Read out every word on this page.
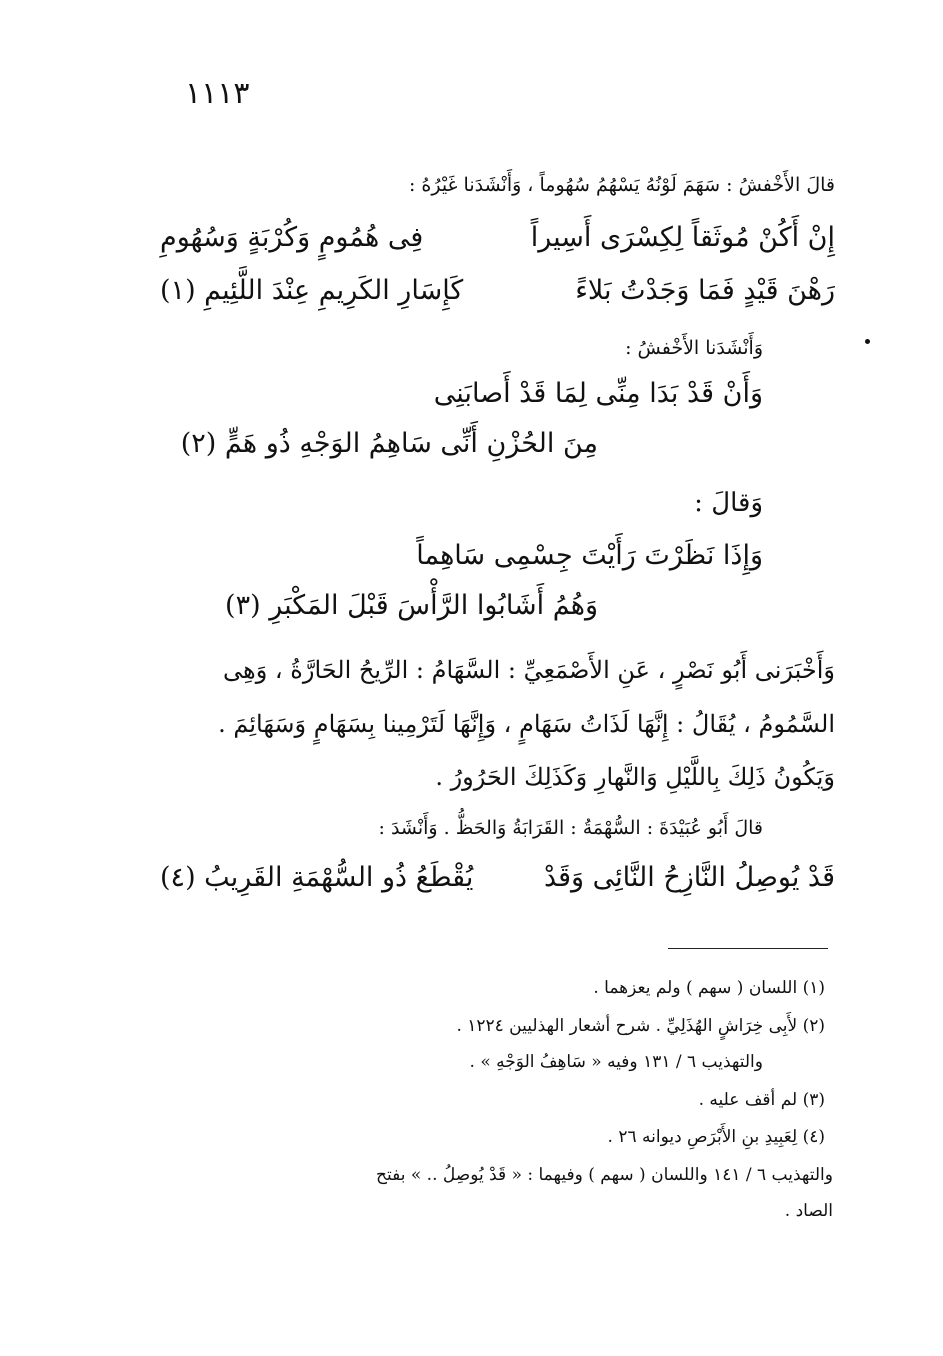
١١١٣
قالَ الأَخْفشُ : سَهَمَ لَوْنُهُ يَسْهُمُ سُهُوماً ، وَأَنْشَدَنا غَيْرُهُ :
إِنْ أَكُنْ مُوثَقاً لِكِسْرَى أَسِيراً
فِى هُمُومٍ وَكُرْبَةٍ وَسُهُومِ
رَهْنَ قَيْدٍ فَمَا وَجَدْتُ بَلاءً
كَإِسَارِ الكَرِيمِ عِنْدَ اللَّئِيمِ (١)
وَأَنْشَدَنا الأَخْفشُ :
وَأَنْ قَدْ بَدَا مِنِّى لِمَا قَدْ أَصابَنِى
مِنَ الحُزْنِ أَنِّى سَاهِمُ الوَجْهِ ذُو هَمٍّ (٢)
وَقالَ :
وَإِذَا نَظَرْتَ رَأَيْتَ جِسْمِى سَاهِماً
وَهُمُ أَشَابُوا الرَّأْسَ قَبْلَ المَكْبَرِ (٣)
وَأَخْبَرَنى أَبُو نَصْرٍ ، عَنِ الأَصْمَعِيِّ : السَّهَامُ : الرِّيحُ الحَارَّةُ ، وَهِى
السَّمُومُ ، يُقَالُ : إِنَّهَا لَذَاتُ سَهَامٍ ، وَإِنَّهَا لَتَرْمِينا بِسَهَامٍ وَسَهَائِمَ .
وَيَكُونُ ذَلِكَ بِاللَّيْلِ وَالنَّهارِ وَكَذَلِكَ الحَرُورُ .
قالَ أَبُو عُبَيْدَةَ : السُّهْمَةُ : القَرَابَةُ وَالحَظُّ . وَأَنْشَدَ :
قَدْ يُوصِلُ النَّازِحُ النَّائِى وَقَدْ
يُقْطَعُ ذُو السُّهْمَةِ القَرِيبُ (٤)
(١) اللسان ( سهم ) ولم يعزهما .
(٢) لأَبِى خِرَاشٍ الهُذَلِيِّ . شرح أشعار الهذليين ١٢٢٤ .
والتهذيب ٦ / ١٣١ وفيه « سَاهِفُ الوَجْهِ » .
(٣) لم أقف عليه .
(٤) لِعَبِيدِ بنِ الأَبْرَصِ ديوانه ٢٦ .
والتهذيب ٦ / ١٤١ واللسان ( سهم ) وفيهما : « قَدْ يُوصِلُ .. » بفتح
الصاد .
